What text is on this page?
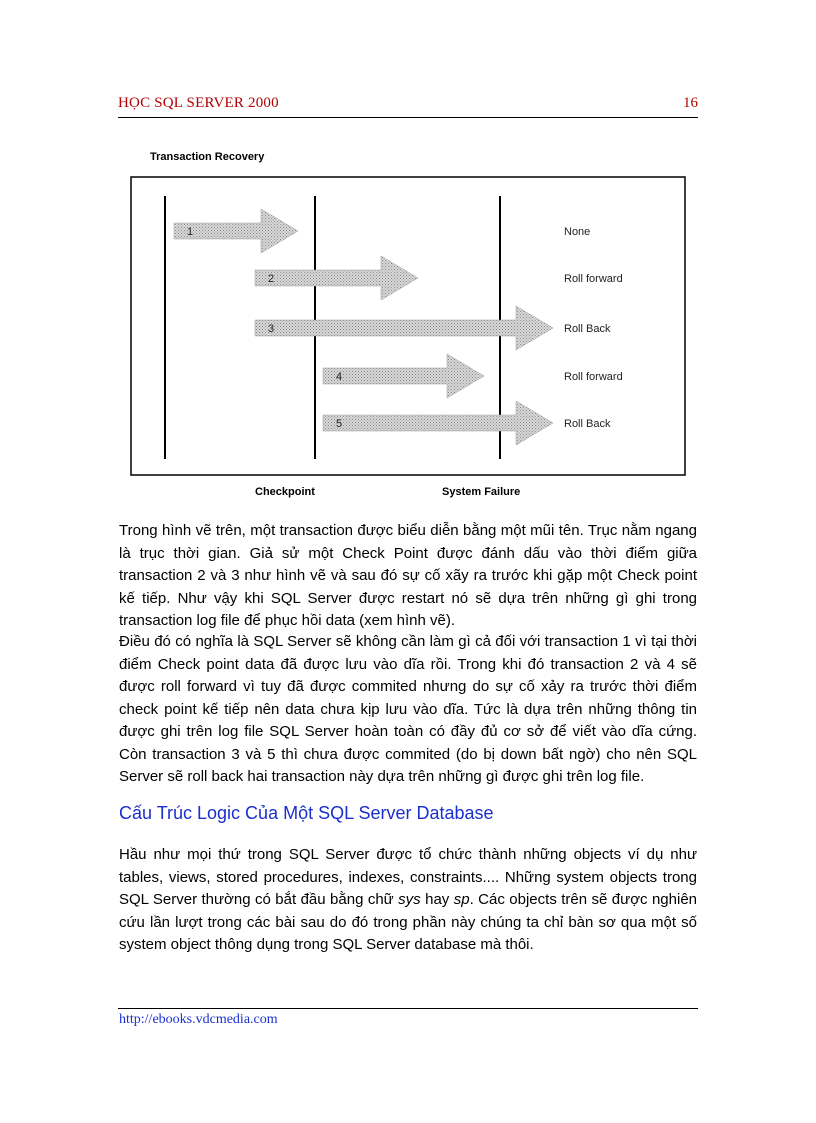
HỌC SQL SERVER 2000	16
Transaction Recovery
1	None
2	Roll forward
3	Roll Back
4	Roll forward
5	Roll Back
Checkpoint	System Failure

Trong hình vẽ trên, một transaction được biểu diễn bằng một mũi tên. Trục nằm ngang là trục thời gian. Giả sử một Check Point được đánh dấu vào thời điểm giữa transaction 2 và 3 như hình vẽ và sau đó sự cố xãy ra trước khi gặp một Check point kế tiếp. Như vậy khi SQL Server được restart nó sẽ dựa trên những gì ghi trong transaction log file để phục hồi data (xem hình vẽ).

Điều đó có nghĩa là SQL Server sẽ không cần làm gì cả đối với transaction 1 vì tại thời điểm Check point data đã được lưu vào dĩa rồi. Trong khi đó transaction 2 và 4 sẽ được roll forward vì tuy đã được commited nhưng do sự cố xảy ra trước thời điểm check point kế tiếp nên data chưa kịp lưu vào dĩa. Tức là dựa trên những thông tin được ghi trên log file SQL Server hoàn toàn có đầy đủ cơ sở để viết vào dĩa cứng. Còn transaction 3 và 5 thì chưa được commited (do bị down bất ngờ) cho nên SQL Server sẽ roll back hai transaction này dựa trên những gì được ghi trên log file.

Cấu Trúc Logic Của Một SQL Server Database

Hầu như mọi thứ trong SQL Server được tổ chức thành những objects ví dụ như tables, views, stored procedures, indexes, constraints.... Những system objects trong SQL Server thường có bắt đầu bằng chữ sys hay sp. Các objects trên sẽ được nghiên cứu lần lượt trong các bài sau do đó trong phần này chúng ta chỉ bàn sơ qua một số system object thông dụng trong SQL Server database mà thôi.

http://ebooks.vdcmedia.com
